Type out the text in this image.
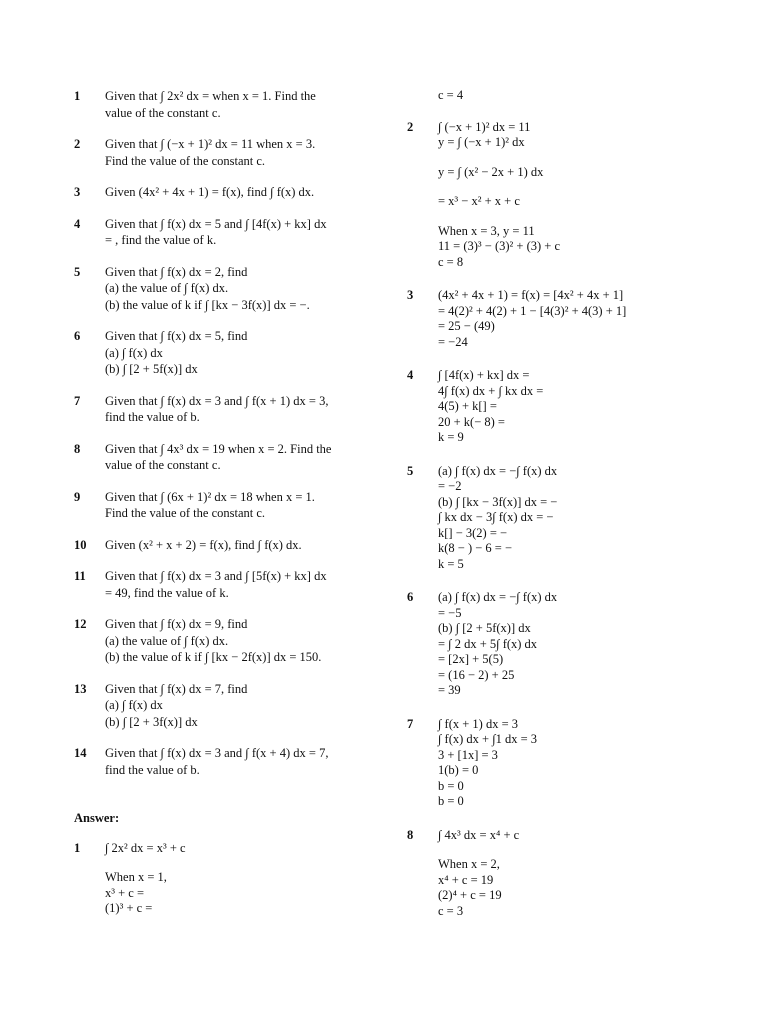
1 Given that ∫ 2x² dx = when x = 1. Find the
value of the constant c.
2 Given that ∫ (−x + 1)² dx = 11 when x = 3.
Find the value of the constant c.
3 Given (4x² + 4x + 1) = f(x), find ∫ f(x) dx.
4 Given that ∫ f(x) dx = 5 and ∫ [4f(x) + kx] dx
= , find the value of k.
5 Given that ∫ f(x) dx = 2, find
(a) the value of ∫ f(x) dx.
(b) the value of k if ∫ [kx − 3f(x)] dx = −.
6 Given that ∫ f(x) dx = 5, find
(a) ∫ f(x) dx
(b) ∫ [2 + 5f(x)] dx
7 Given that ∫ f(x) dx = 3 and ∫ f(x + 1) dx = 3,
find the value of b.
8 Given that ∫ 4x³ dx = 19 when x = 2. Find the
value of the constant c.
9 Given that ∫ (6x + 1)² dx = 18 when x = 1.
Find the value of the constant c.
10 Given (x² + x + 2) = f(x), find ∫ f(x) dx.
11 Given that ∫ f(x) dx = 3 and ∫ [5f(x) + kx] dx
= 49, find the value of k.
12 Given that ∫ f(x) dx = 9, find
(a) the value of ∫ f(x) dx.
(b) the value of k if ∫ [kx − 2f(x)] dx = 150.
13 Given that ∫ f(x) dx = 7, find
(a) ∫ f(x) dx
(b) ∫ [2 + 3f(x)] dx
14 Given that ∫ f(x) dx = 3 and ∫ f(x + 4) dx = 7,
find the value of b.
Answer:
1 ∫ 2x² dx = x³ + c

When x = 1,
x³ + c =
(1)³ + c =
c = 4
2 ∫ (−x + 1)² dx = 11
y = ∫ (−x + 1)² dx

y = ∫ (x² − 2x + 1) dx

= x³ − x² + x + c

When x = 3, y = 11
11 = (3)³ − (3)² + (3) + c
c = 8
3 (4x² + 4x + 1) = f(x) = [4x² + 4x + 1]
= 4(2)² + 4(2) + 1 − [4(3)² + 4(3) + 1]
= 25 − (49)
= −24
4 ∫ [4f(x) + kx] dx =
4∫ f(x) dx + ∫ kx dx =
4(5) + k[] =
20 + k(− 8) =
k = 9
5 (a) ∫ f(x) dx = −∫ f(x) dx
= −2
(b) ∫ [kx − 3f(x)] dx = −
∫ kx dx − 3∫ f(x) dx = −
k[] − 3(2) = −
k(8 − ) − 6 = −
k = 5
6 (a) ∫ f(x) dx = −∫ f(x) dx
= −5
(b) ∫ [2 + 5f(x)] dx
= ∫ 2 dx + 5∫ f(x) dx
= [2x] + 5(5)
= (16 − 2) + 25
= 39
7 ∫ f(x + 1) dx = 3
∫ f(x) dx + ∫1 dx = 3
3 + [1x] = 3
1(b) = 0
b = 0
b = 0
8 ∫ 4x³ dx = x⁴ + c

When x = 2,
x⁴ + c = 19
(2)⁴ + c = 19
c = 3
